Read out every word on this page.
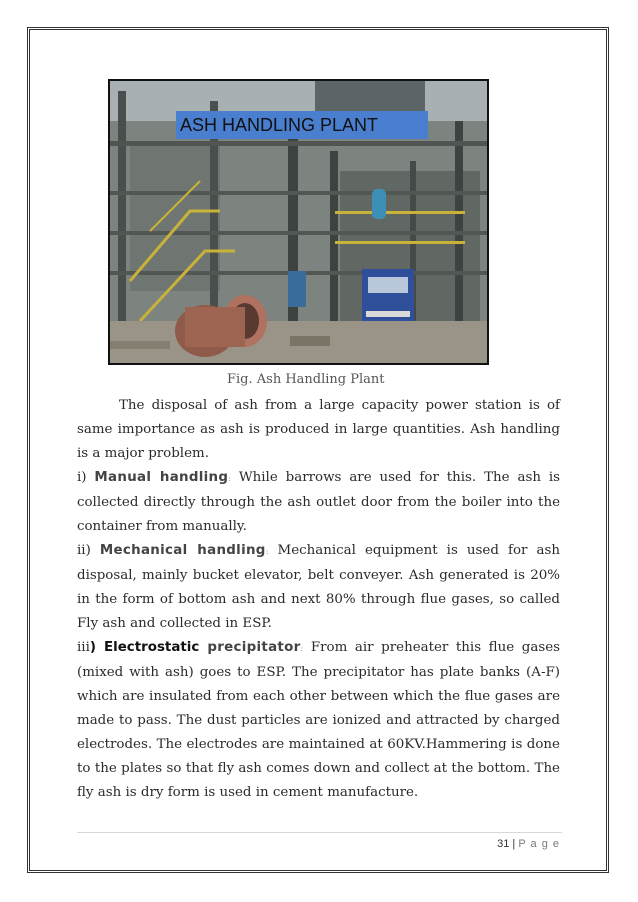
ASH HANDLING PLANT
Fig. Ash Handling Plant

The disposal of ash from a large capacity power station is of same importance as ash is produced in large quantities. Ash handling is a major problem.

i) Manual handling: While barrows are used for this. The ash is collected directly through the ash outlet door from the boiler into the container from manually.

ii) Mechanical handling: Mechanical equipment is used for ash disposal, mainly bucket elevator, belt conveyer. Ash generated is 20% in the form of bottom ash and next 80% through flue gases, so called Fly ash and collected in ESP.

iii) Electrostatic precipitator: From air preheater this flue gases (mixed with ash) goes to ESP. The precipitator has plate banks (A-F) which are insulated from each other between which the flue gases are made to pass. The dust particles are ionized and attracted by charged electrodes. The electrodes are maintained at 60KV.Hammering is done to the plates so that fly ash comes down and collect at the bottom. The fly ash is dry form is used in cement manufacture.

31 | P a g e
